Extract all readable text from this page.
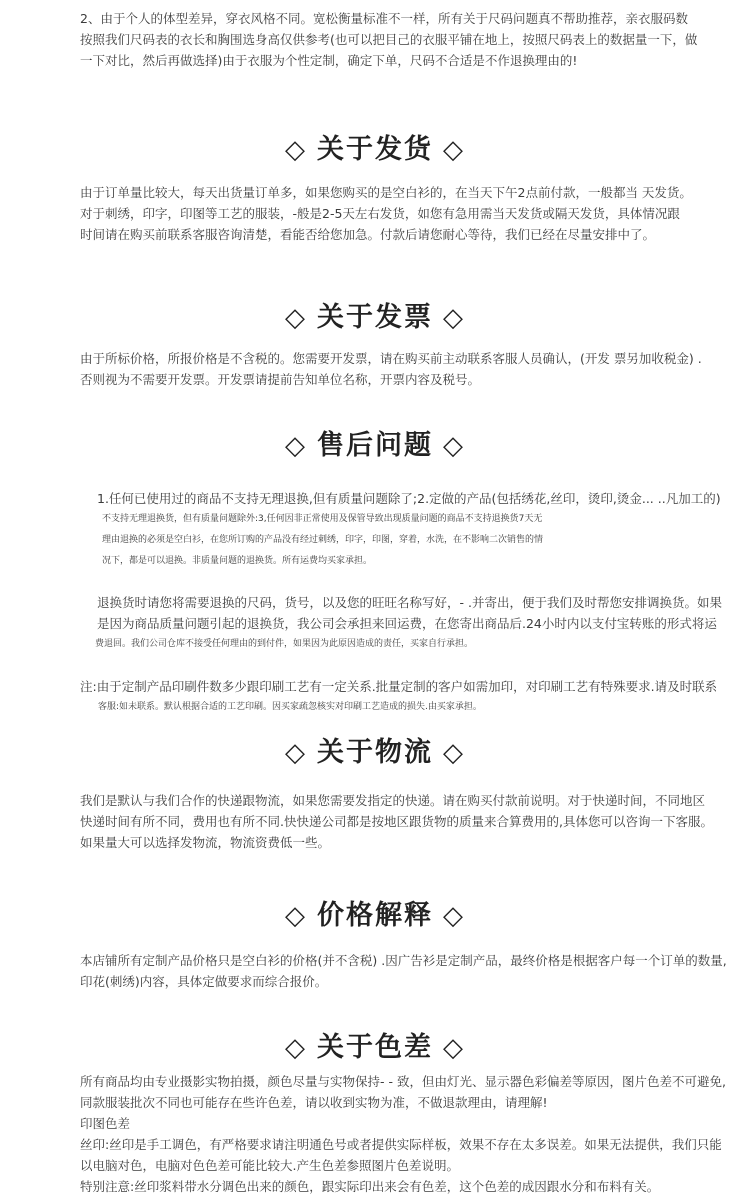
2、由于个人的体型差异，穿衣风格不同。宽松衡量标准不一样，所有关于尺码问题真不帮助推荐，亲衣服码数

按照我们尺码表的衣长和胸围选身高仅供参考(也可以把目己的衣服平铺在地上，按照尺码表上的数据量一下，做

一下对比，然后再做选择)由于衣服为个性定制，确定下单，尺码不合适是不作退换理由的!

◇ 关于发货 ◇

由于订单量比较大，每天出货量订单多，如果您购买的是空白衫的，在当天下午2点前付款，一般都当 天发货。

对于刺绣，印字，印图等工艺的服装，-般是2-5天左右发货，如您有急用需当天发货或隔天发货，具体情况跟

时间请在购买前联系客服咨询清楚，看能否给您加急。付款后请您耐心等待，我们已经在尽量安排中了。

◇ 关于发票 ◇

由于所标价格，所报价格是不含税的。您需要开发票，请在购买前主动联系客服人员确认，(开发 票另加收税金) .

否则视为不需要开发票。开发票请提前告知单位名称，开票内容及税号。

◇ 售后问题 ◇

1.任何已使用过的商品不支持无理退换,但有质量问题除了;2.定做的产品(包括绣花,丝印，烫印,烫金... ..凡加工的)

不支持无理退换货，但有质量问题除外:3,任何因非正常使用及保管导致出现质量问题的商品不支持退换货7天无

理由退换的必须是空白衫，在您所订购的产品没有经过刺绣，印字，印图，穿着，水洗，在不影响二次销售的情

况下，都是可以退换。非质量问题的退换货。所有运费均买家承担。

退换货时请您将需要退换的尺码，货号，以及您的旺旺名称写好，- .并寄出，便于我们及时帮您安排调换货。如果

是因为商品质量问题引起的退换货，我公司会承担来回运费，在您寄出商品后.24小时内以支付宝转账的形式将运

费退回。我们公司仓库不接受任何理由的到付件，如果因为此原因造成的责任，买家自行承担。

注:由于定制产品印刷件数多少跟印刷工艺有一定关系.批量定制的客户如需加印，对印刷工艺有特殊要求.请及时联系

客服:如未联系。默认根据合适的工艺印刷。因买家疏忽核实对印刷工艺造成的损失.由买家承担。

◇ 关于物流 ◇

我们是默认与我们合作的快递跟物流，如果您需要发指定的快递。请在购买付款前说明。对于快递时间，不同地区

快递时间有所不同，费用也有所不同.快快递公司都是按地区跟货物的质量来合算费用的,具体您可以咨询一下客服。

如果量大可以选择发物流，物流资费低一些。

◇ 价格解释 ◇

本店铺所有定制产品价格只是空白衫的价格(并不含税) .因广告衫是定制产品，最终价格是根据客户每一个订单的数量,

印花(刺绣)内容，具体定做要求而综合报价。

◇ 关于色差 ◇

所有商品均由专业摄影实物拍摄，颜色尽量与实物保持- - 致，但由灯光、显示器色彩偏差等原因，图片色差不可避免,

同款服装批次不同也可能存在些许色差，请以收到实物为准，不做退款理由，请理解!

印图色差

丝印:丝印是手工调色，有严格要求请注明通色号或者提供实际样板，效果不存在太多误差。如果无法提供，我们只能

以电脑对色，电脑对色色差可能比较大.产生色差参照图片色差说明。

特别注意:丝印浆料带水分调色出来的颜色，跟实际印出来会有色差，这个色差的成因跟水分和布料有关。
